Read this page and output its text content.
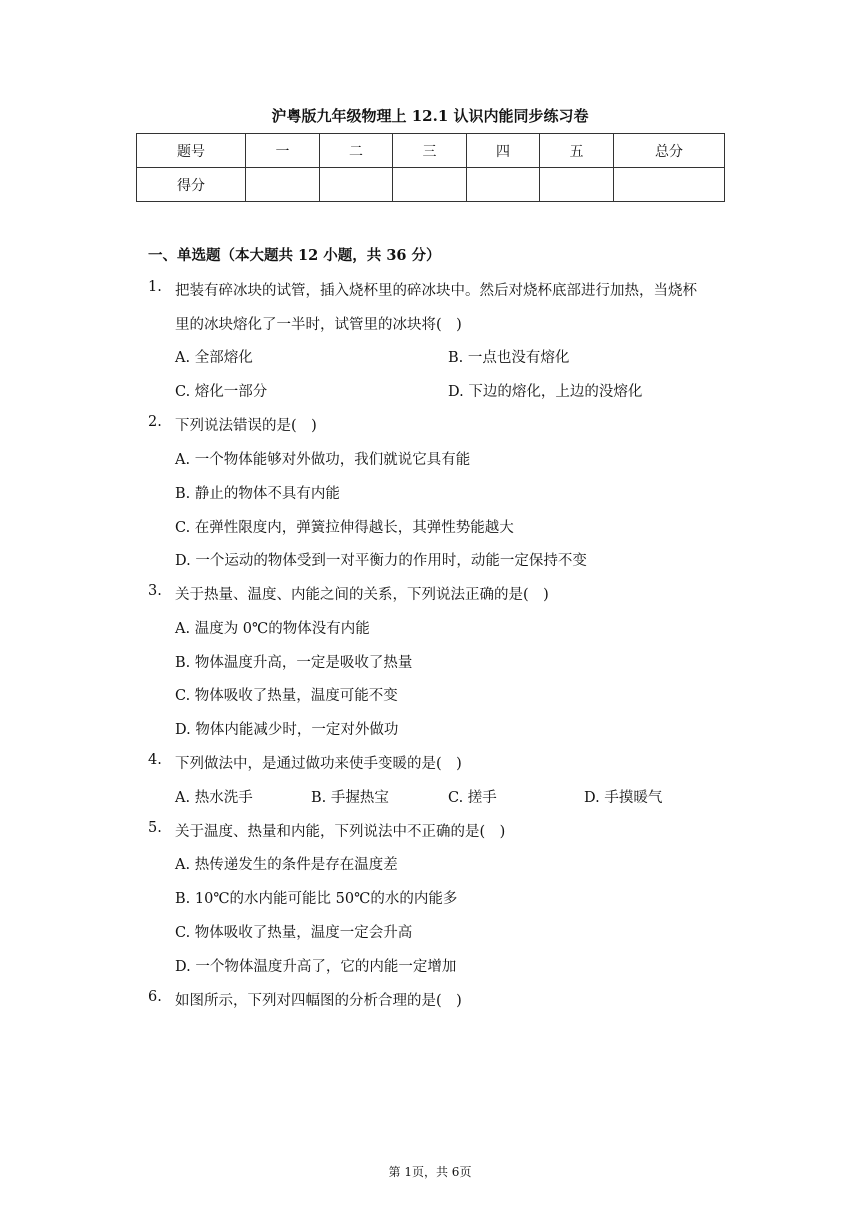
沪粤版九年级物理上 12.1 认识内能同步练习卷
题号	一	二	三	四	五	总分
得分						
一、单选题（本大题共 12 小题，共 36 分）
1. 把装有碎冰块的试管，插入烧杯里的碎冰块中。然后对烧杯底部进行加热，当烧杯
里的冰块熔化了一半时，试管里的冰块将(　)
A. 全部熔化	B. 一点也没有熔化
C. 熔化一部分	D. 下边的熔化，上边的没熔化
2. 下列说法错误的是(　)
A. 一个物体能够对外做功，我们就说它具有能
B. 静止的物体不具有内能
C. 在弹性限度内，弹簧拉伸得越长，其弹性势能越大
D. 一个运动的物体受到一对平衡力的作用时，动能一定保持不变
3. 关于热量、温度、内能之间的关系，下列说法正确的是(　)
A. 温度为 0℃的物体没有内能
B. 物体温度升高，一定是吸收了热量
C. 物体吸收了热量，温度可能不变
D. 物体内能减少时，一定对外做功
4. 下列做法中，是通过做功来使手变暖的是(　)
A. 热水洗手	B. 手握热宝	C. 搓手	D. 手摸暖气
5. 关于温度、热量和内能，下列说法中不正确的是(　)
A. 热传递发生的条件是存在温度差
B. 10℃的水内能可能比 50℃的水的内能多
C. 物体吸收了热量，温度一定会升高
D. 一个物体温度升高了，它的内能一定增加
6. 如图所示，下列对四幅图的分析合理的是(　)
第 1页，共 6页
